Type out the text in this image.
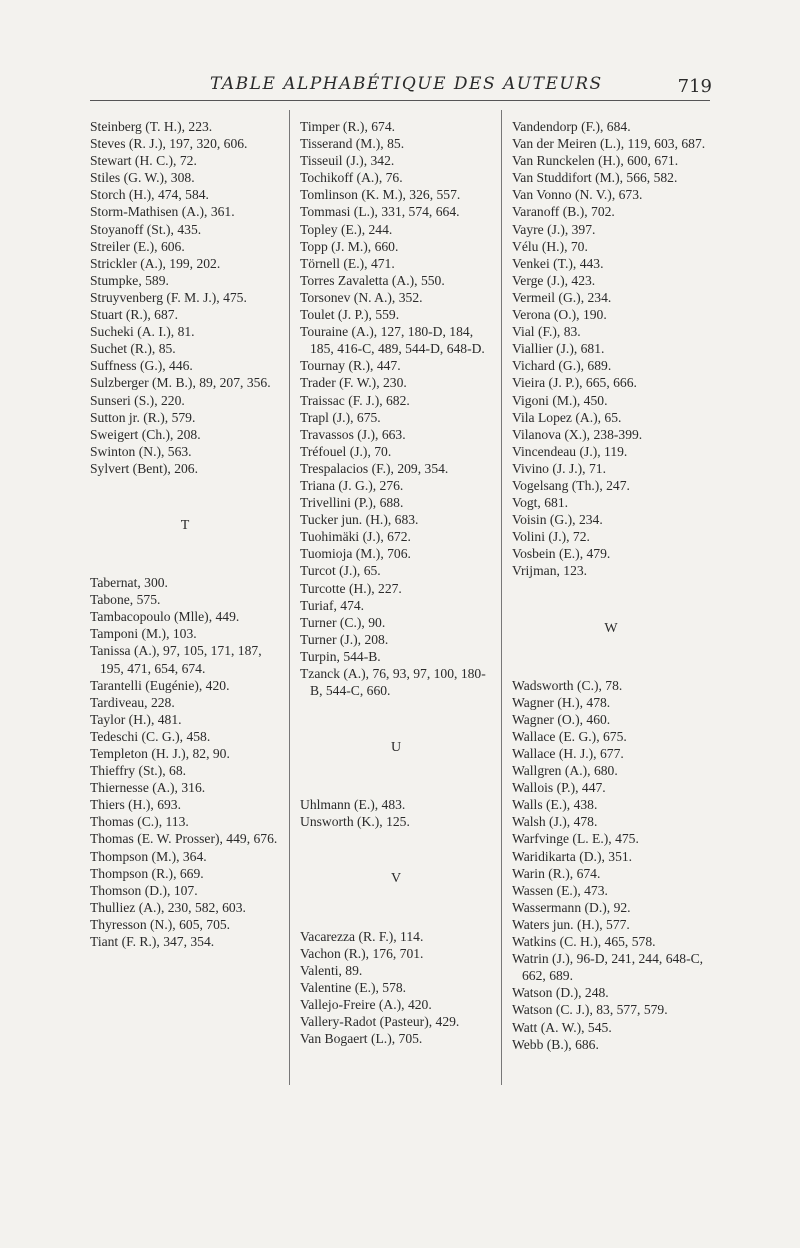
TABLE ALPHABÉTIQUE DES AUTEURS	719

Steinberg (T. H.), 223.

Steves (R. J.), 197, 320, 606.

Stewart (H. C.), 72.

Stiles (G. W.), 308.

Storch (H.), 474, 584.

Storm-Mathisen (A.), 361.

Stoyanoff (St.), 435.

Streiler (E.), 606.

Strickler (A.), 199, 202.

Stumpke, 589.

Struyvenberg (F. M. J.), 475.

Stuart (R.), 687.

Sucheki (A. I.), 81.

Suchet (R.), 85.

Suffness (G.), 446.

Sulzberger (M. B.), 89, 207, 356.

Sunseri (S.), 220.

Sutton jr. (R.), 579.

Sweigert (Ch.), 208.

Swinton (N.), 563.

Sylvert (Bent), 206.

T

Tabernat, 300.

Tabone, 575.

Tambacopoulo (Mlle), 449.

Tamponi (M.), 103.

Tanissa (A.), 97, 105, 171, 187, 195, 471, 654, 674.

Tarantelli (Eugénie), 420.

Tardiveau, 228.

Taylor (H.), 481.

Tedeschi (C. G.), 458.

Templeton (H. J.), 82, 90.

Thieffry (St.), 68.

Thiernesse (A.), 316.

Thiers (H.), 693.

Thomas (C.), 113.

Thomas (E. W. Prosser), 449, 676.

Thompson (M.), 364.

Thompson (R.), 669.

Thomson (D.), 107.

Thulliez (A.), 230, 582, 603.

Thyresson (N.), 605, 705.

Tiant (F. R.), 347, 354.

Timper (R.), 674.

Tisserand (M.), 85.

Tisseuil (J.), 342.

Tochikoff (A.), 76.

Tomlinson (K. M.), 326, 557.

Tommasi (L.), 331, 574, 664.

Topley (E.), 244.

Topp (J. M.), 660.

Törnell (E.), 471.

Torres Zavaletta (A.), 550.

Torsonev (N. A.), 352.

Toulet (J. P.), 559.

Touraine (A.), 127, 180-D, 184, 185, 416-C, 489, 544-D, 648-D.

Tournay (R.), 447.

Trader (F. W.), 230.

Traissac (F. J.), 682.

Trapl (J.), 675.

Travassos (J.), 663.

Tréfouel (J.), 70.

Trespalacios (F.), 209, 354.

Triana (J. G.), 276.

Trivellini (P.), 688.

Tucker jun. (H.), 683.

Tuohimäki (J.), 672.

Tuomioja (M.), 706.

Turcot (J.), 65.

Turcotte (H.), 227.

Turiaf, 474.

Turner (C.), 90.

Turner (J.), 208.

Turpin, 544-B.

Tzanck (A.), 76, 93, 97, 100, 180-B, 544-C, 660.

U

Uhlmann (E.), 483.

Unsworth (K.), 125.

V

Vacarezza (R. F.), 114.

Vachon (R.), 176, 701.

Valenti, 89.

Valentine (E.), 578.

Vallejo-Freire (A.), 420.

Vallery-Radot (Pasteur), 429.

Van Bogaert (L.), 705.

Vandendorp (F.), 684.

Van der Meiren (L.), 119, 603, 687.

Van Runckelen (H.), 600, 671.

Van Studdifort (M.), 566, 582.

Van Vonno (N. V.), 673.

Varanoff (B.), 702.

Vayre (J.), 397.

Vélu (H.), 70.

Venkei (T.), 443.

Verge (J.), 423.

Vermeil (G.), 234.

Verona (O.), 190.

Vial (F.), 83.

Viallier (J.), 681.

Vichard (G.), 689.

Vieira (J. P.), 665, 666.

Vigoni (M.), 450.

Vila Lopez (A.), 65.

Vilanova (X.), 238-399.

Vincendeau (J.), 119.

Vivino (J. J.), 71.

Vogelsang (Th.), 247.

Vogt, 681.

Voisin (G.), 234.

Volini (J.), 72.

Vosbein (E.), 479.

Vrijman, 123.

W

Wadsworth (C.), 78.

Wagner (H.), 478.

Wagner (O.), 460.

Wallace (E. G.), 675.

Wallace (H. J.), 677.

Wallgren (A.), 680.

Wallois (P.), 447.

Walls (E.), 438.

Walsh (J.), 478.

Warfvinge (L. E.), 475.

Waridikarta (D.), 351.

Warin (R.), 674.

Wassen (E.), 473.

Wassermann (D.), 92.

Waters jun. (H.), 577.

Watkins (C. H.), 465, 578.

Watrin (J.), 96-D, 241, 244, 648-C, 662, 689.

Watson (D.), 248.

Watson (C. J.), 83, 577, 579.

Watt (A. W.), 545.

Webb (B.), 686.
